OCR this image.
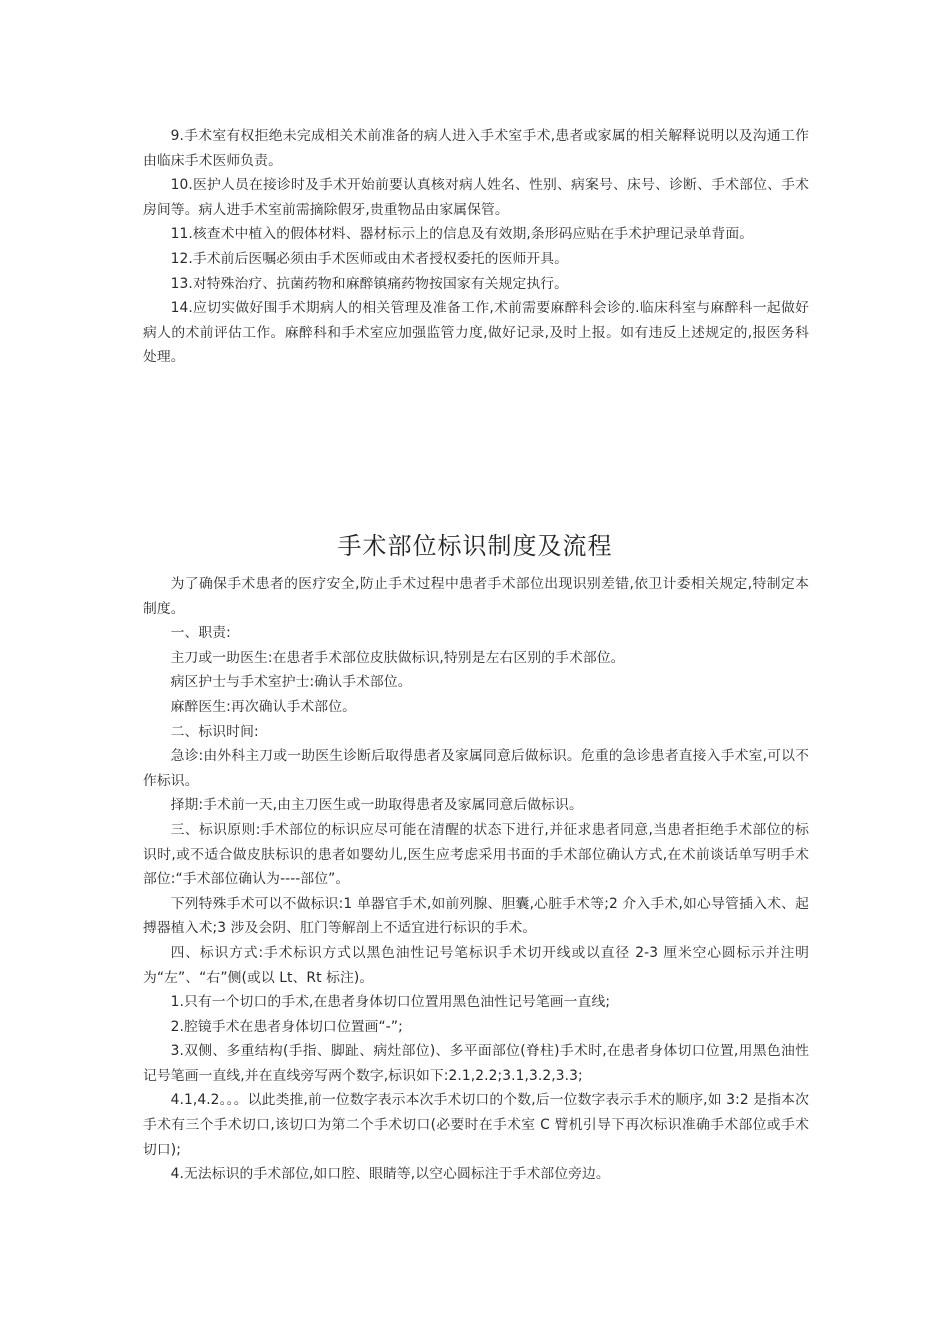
9.手术室有权拒绝未完成相关术前准备的病人进入手术室手术,患者或家属的相关解释说明以及沟通工作由临床手术医师负责。

10.医护人员在接诊时及手术开始前要认真核对病人姓名、性别、病案号、床号、诊断、手术部位、手术房间等。病人进手术室前需摘除假牙,贵重物品由家属保管。

11.核查术中植入的假体材料、器材标示上的信息及有效期,条形码应贴在手术护理记录单背面。

12.手术前后医嘱必须由手术医师或由术者授权委托的医师开具。

13.对特殊治疗、抗菌药物和麻醉镇痛药物按国家有关规定执行。

14.应切实做好围手术期病人的相关管理及准备工作,术前需要麻醉科会诊的.临床科室与麻醉科一起做好病人的术前评估工作。麻醉科和手术室应加强监管力度,做好记录,及时上报。如有违反上述规定的,报医务科处理。

手术部位标识制度及流程

为了确保手术患者的医疗安全,防止手术过程中患者手术部位出现识别差错,依卫计委相关规定,特制定本制度。

一、职责:

主刀或一助医生:在患者手术部位皮肤做标识,特别是左右区别的手术部位。

病区护士与手术室护士:确认手术部位。

麻醉医生:再次确认手术部位。

二、标识时间:

急诊:由外科主刀或一助医生诊断后取得患者及家属同意后做标识。危重的急诊患者直接入手术室,可以不作标识。

择期:手术前一天,由主刀医生或一助取得患者及家属同意后做标识。

三、标识原则:手术部位的标识应尽可能在清醒的状态下进行,并征求患者同意,当患者拒绝手术部位的标识时,或不适合做皮肤标识的患者如婴幼儿,医生应考虑采用书面的手术部位确认方式,在术前谈话单写明手术部位:“手术部位确认为----部位”。

下列特殊手术可以不做标识:1 单器官手术,如前列腺、胆囊,心脏手术等;2 介入手术,如心导管插入术、起搏器植入术;3 涉及会阴、肛门等解剖上不适宜进行标识的手术。

四、标识方式:手术标识方式以黑色油性记号笔标识手术切开线或以直径 2-3 厘米空心圆标示并注明为“左”、“右”侧(或以 Lt、Rt 标注)。

1.只有一个切口的手术,在患者身体切口位置用黑色油性记号笔画一直线;

2.腔镜手术在患者身体切口位置画“-”;

3.双侧、多重结构(手指、脚趾、病灶部位)、多平面部位(脊柱)手术时,在患者身体切口位置,用黑色油性记号笔画一直线,并在直线旁写两个数字,标识如下:2.1,2.2;3.1,3.2,3.3;

4.1,4.2。。。以此类推,前一位数字表示本次手术切口的个数,后一位数字表示手术的顺序,如 3:2 是指本次手术有三个手术切口,该切口为第二个手术切口(必要时在手术室 C 臂机引导下再次标识准确手术部位或手术切口);

4.无法标识的手术部位,如口腔、眼睛等,以空心圆标注于手术部位旁边。
